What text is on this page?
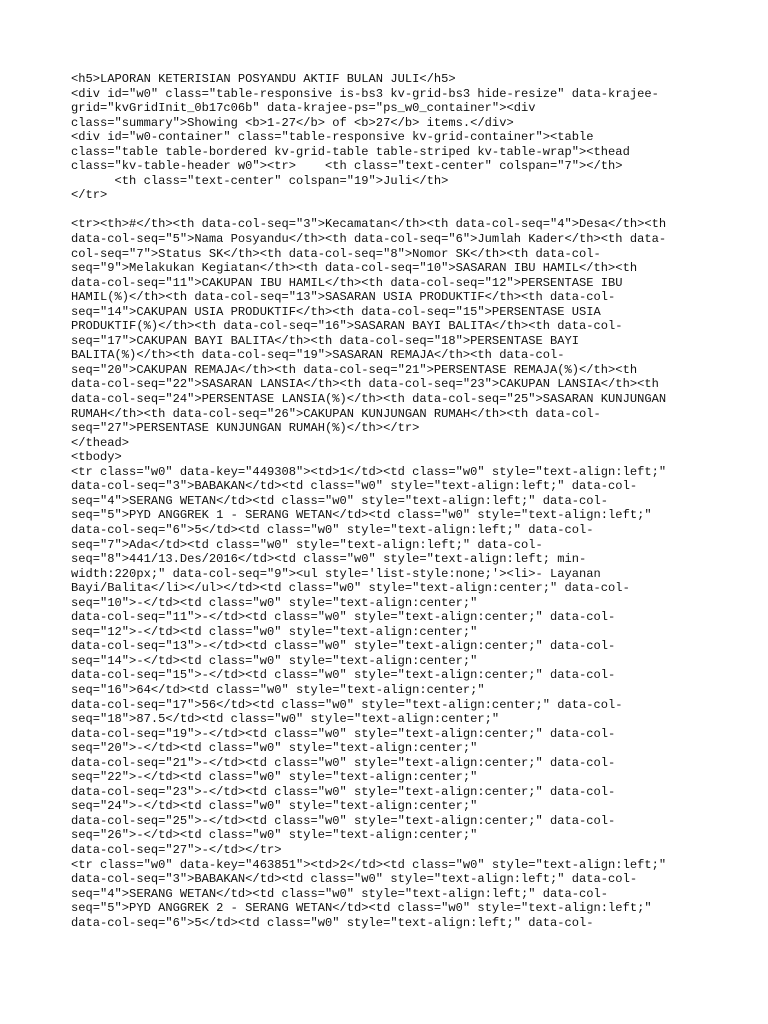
<h5>LAPORAN KETERISIAN POSYANDU AKTIF BULAN JULI</h5>
<div id="w0" class="table-responsive is-bs3 kv-grid-bs3 hide-resize" data-krajee-
grid="kvGridInit_0b17c06b" data-krajee-ps="ps_w0_container"><div
class="summary">Showing <b>1-27</b> of <b>27</b> items.</div>
<div id="w0-container" class="table-responsive kv-grid-container"><table
class="table table-bordered kv-grid-table table-striped kv-table-wrap"><thead
class="kv-table-header w0"><tr>    <th class="text-center" colspan="7"></th>
<th class="text-center" colspan="19">Juli</th>
</tr>
<tr><th>#</th><th data-col-seq="3">Kecamatan</th><th data-col-seq="4">Desa</th><th
data-col-seq="5">Nama Posyandu</th><th data-col-seq="6">Jumlah Kader</th><th data-
col-seq="7">Status SK</th><th data-col-seq="8">Nomor SK</th><th data-col-
seq="9">Melakukan Kegiatan</th><th data-col-seq="10">SASARAN IBU HAMIL</th><th
data-col-seq="11">CAKUPAN IBU HAMIL</th><th data-col-seq="12">PERSENTASE IBU
HAMIL(%)</th><th data-col-seq="13">SASARAN USIA PRODUKTIF</th><th data-col-
seq="14">CAKUPAN USIA PRODUKTIF</th><th data-col-seq="15">PERSENTASE USIA
PRODUKTIF(%)</th><th data-col-seq="16">SASARAN BAYI BALITA</th><th data-col-
seq="17">CAKUPAN BAYI BALITA</th><th data-col-seq="18">PERSENTASE BAYI
BALITA(%)</th><th data-col-seq="19">SASARAN REMAJA</th><th data-col-
seq="20">CAKUPAN REMAJA</th><th data-col-seq="21">PERSENTASE REMAJA(%)</th><th
data-col-seq="22">SASARAN LANSIA</th><th data-col-seq="23">CAKUPAN LANSIA</th><th
data-col-seq="24">PERSENTASE LANSIA(%)</th><th data-col-seq="25">SASARAN KUNJUNGAN
RUMAH</th><th data-col-seq="26">CAKUPAN KUNJUNGAN RUMAH</th><th data-col-
seq="27">PERSENTASE KUNJUNGAN RUMAH(%)</th></tr>
</thead>
<tbody>
<tr class="w0" data-key="449308"><td>1</td><td class="w0" style="text-align:left;"
data-col-seq="3">BABAKAN</td><td class="w0" style="text-align:left;" data-col-
seq="4">SERANG WETAN</td><td class="w0" style="text-align:left;" data-col-
seq="5">PYD ANGGREK 1 - SERANG WETAN</td><td class="w0" style="text-align:left;"
data-col-seq="6">5</td><td class="w0" style="text-align:left;" data-col-
seq="7">Ada</td><td class="w0" style="text-align:left;" data-col-
seq="8">441/13.Des/2016</td><td class="w0" style="text-align:left; min-
width:220px;" data-col-seq="9"><ul style='list-style:none;'><li>- Layanan
Bayi/Balita</li></ul></td><td class="w0" style="text-align:center;" data-col-
seq="10">-</td><td class="w0" style="text-align:center;"
data-col-seq="11">-</td><td class="w0" style="text-align:center;" data-col-
seq="12">-</td><td class="w0" style="text-align:center;"
data-col-seq="13">-</td><td class="w0" style="text-align:center;" data-col-
seq="14">-</td><td class="w0" style="text-align:center;"
data-col-seq="15">-</td><td class="w0" style="text-align:center;" data-col-
seq="16">64</td><td class="w0" style="text-align:center;"
data-col-seq="17">56</td><td class="w0" style="text-align:center;" data-col-
seq="18">87.5</td><td class="w0" style="text-align:center;"
data-col-seq="19">-</td><td class="w0" style="text-align:center;" data-col-
seq="20">-</td><td class="w0" style="text-align:center;"
data-col-seq="21">-</td><td class="w0" style="text-align:center;" data-col-
seq="22">-</td><td class="w0" style="text-align:center;"
data-col-seq="23">-</td><td class="w0" style="text-align:center;" data-col-
seq="24">-</td><td class="w0" style="text-align:center;"
data-col-seq="25">-</td><td class="w0" style="text-align:center;" data-col-
seq="26">-</td><td class="w0" style="text-align:center;"
data-col-seq="27">-</td></tr>
<tr class="w0" data-key="463851"><td>2</td><td class="w0" style="text-align:left;"
data-col-seq="3">BABAKAN</td><td class="w0" style="text-align:left;" data-col-
seq="4">SERANG WETAN</td><td class="w0" style="text-align:left;" data-col-
seq="5">PYD ANGGREK 2 - SERANG WETAN</td><td class="w0" style="text-align:left;"
data-col-seq="6">5</td><td class="w0" style="text-align:left;" data-col-
